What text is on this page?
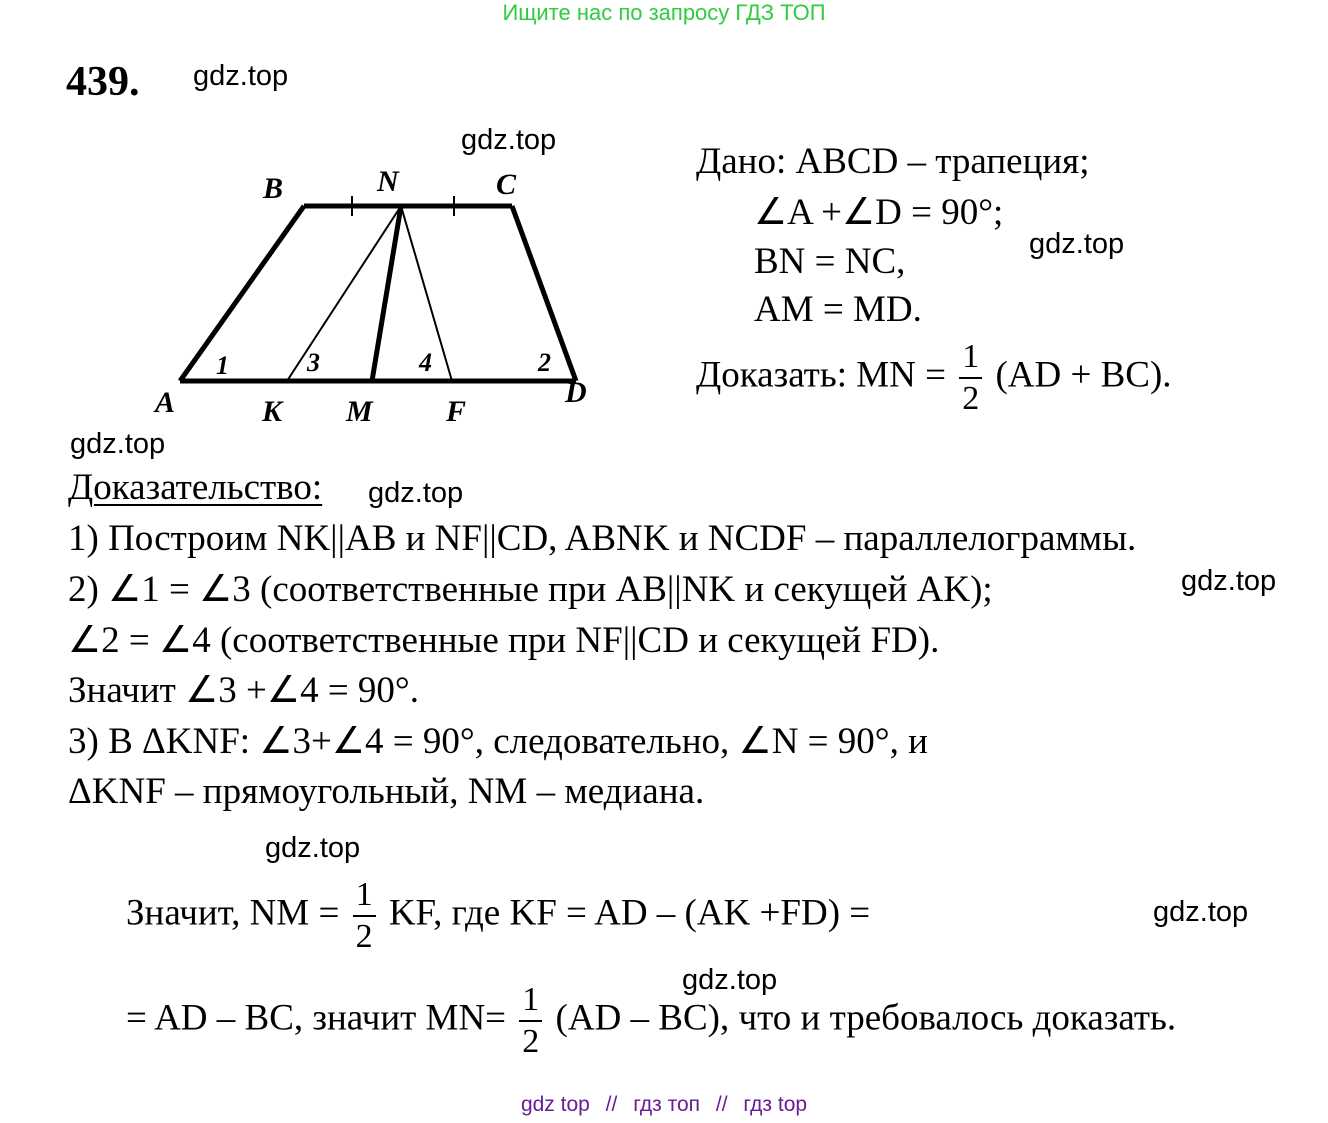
Ищите нас по запросу ГДЗ ТОП
439. gdz.top
gdz.top
gdz.top
gdz.top
gdz.top
gdz.top
gdz.top
gdz.top
gdz.top
B	N	C
A	K M F
D
1	3	4	2
Дано: ABCD – трапеция;
∠A +∠D = 90°;
BN = NC,
AM = MD.
Доказать: MN = $\frac{1}{2} (AD + BC)$.
Доказательство:
1) Построим NK||AB и NF||CD, ABNK и NCDF – параллелограммы.
2) ∠1 = ∠3 (соответственные при AB||NK и секущей AK);
∠2 = ∠4 (соответственные при NF||CD и секущей FD).
Значит ∠3 +∠4 = 90°.
3) В ΔKNF: ∠3+∠4 = 90°, следовательно, ∠N = 90°, и
ΔKNF – прямоугольный, NM – медиана.
Значит, NM = $\frac{1}{2}$ KF, где KF = AD – (AK +FD) =
= AD – BC, значит $MN= \frac{1}{2} (AD - BC)$, что и требовалось доказать.
gdz top // гдз топ // гдз top
